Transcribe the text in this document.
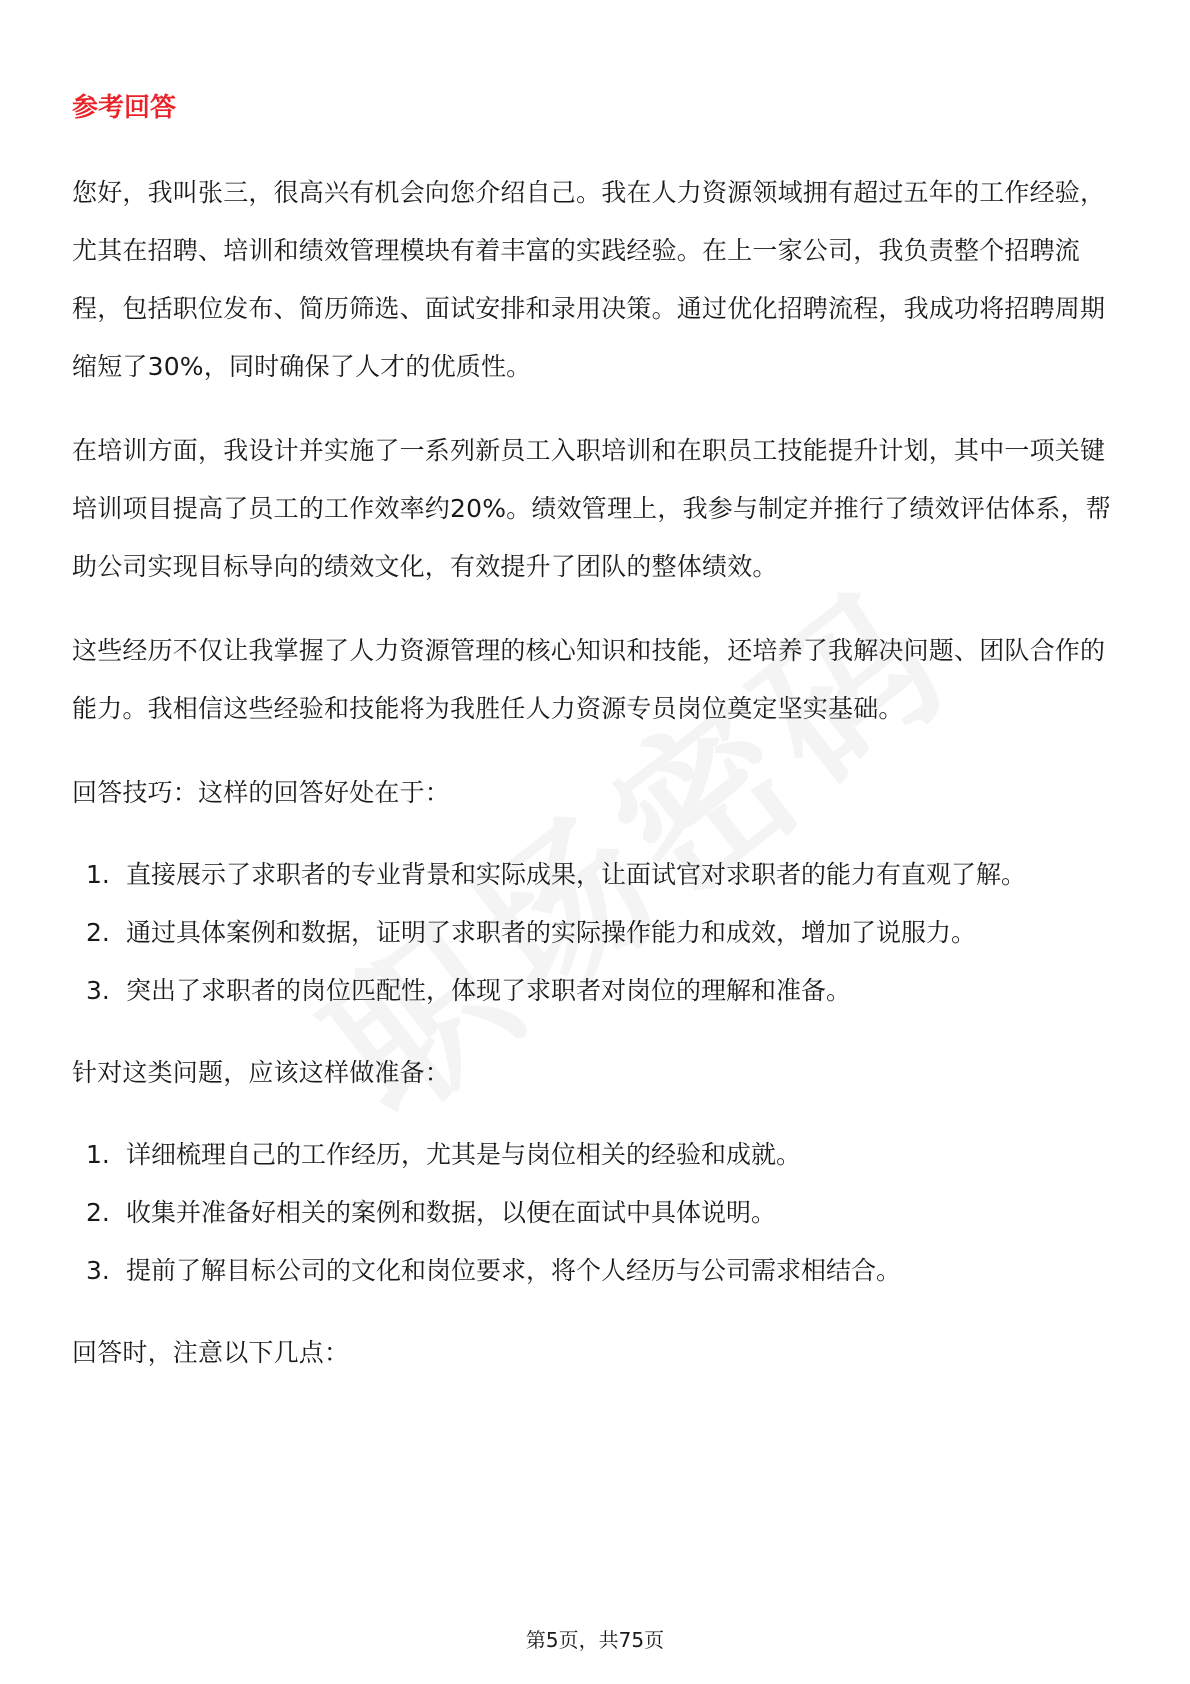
参考回答

您好，我叫张三，很高兴有机会向您介绍自己。我在人力资源领域拥有超过五年的工作经验，尤其在招聘、培训和绩效管理模块有着丰富的实践经验。在上一家公司，我负责整个招聘流程，包括职位发布、简历筛选、面试安排和录用决策。通过优化招聘流程，我成功将招聘周期缩短了30%，同时确保了人才的优质性。

在培训方面，我设计并实施了一系列新员工入职培训和在职员工技能提升计划，其中一项关键培训项目提高了员工的工作效率约20%。绩效管理上，我参与制定并推行了绩效评估体系，帮助公司实现目标导向的绩效文化，有效提升了团队的整体绩效。

这些经历不仅让我掌握了人力资源管理的核心知识和技能，还培养了我解决问题、团队合作的能力。我相信这些经验和技能将为我胜任人力资源专员岗位奠定坚实基础。

回答技巧：这样的回答好处在于：

1. 直接展示了求职者的专业背景和实际成果，让面试官对求职者的能力有直观了解。
2. 通过具体案例和数据，证明了求职者的实际操作能力和成效，增加了说服力。
3. 突出了求职者的岗位匹配性，体现了求职者对岗位的理解和准备。

针对这类问题，应该这样做准备：

1. 详细梳理自己的工作经历，尤其是与岗位相关的经验和成就。
2. 收集并准备好相关的案例和数据，以便在面试中具体说明。
3. 提前了解目标公司的文化和岗位要求，将个人经历与公司需求相结合。

回答时，注意以下几点：

第5页，共75页
